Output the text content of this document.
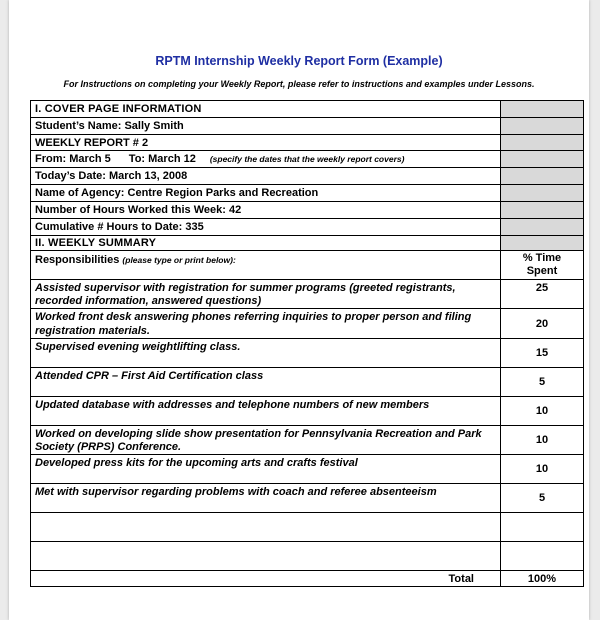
RPTM Internship Weekly Report Form (Example)
For Instructions on completing your Weekly Report, please refer to instructions and examples under Lessons.
I. COVER PAGE INFORMATION	
Student’s Name: Sally Smith	
WEEKLY REPORT # 2	
From: March 5 To: March 12 (specify the dates that the weekly report covers)	
Today’s Date: March 13, 2008	
Name of Agency: Centre Region Parks and Recreation	
Number of Hours Worked this Week: 42	
Cumulative # Hours to Date: 335	
II. WEEKLY SUMMARY	
Responsibilities (please type or print below):	% Time
Spent

Assisted supervisor with registration for summer programs (greeted registrants, recorded information, answered questions)	25
Worked front desk answering phones referring inquiries to proper person and filing registration materials.	20
Supervised evening weightlifting class.	15
Attended CPR – First Aid Certification class	5
Updated database with addresses and telephone numbers of new members	10
Worked on developing slide show presentation for Pennsylvania Recreation and Park Society (PRPS) Conference.	10
Developed press kits for the upcoming arts and crafts festival	10
Met with supervisor regarding problems with coach and referee absenteeism	5

Total	100%
